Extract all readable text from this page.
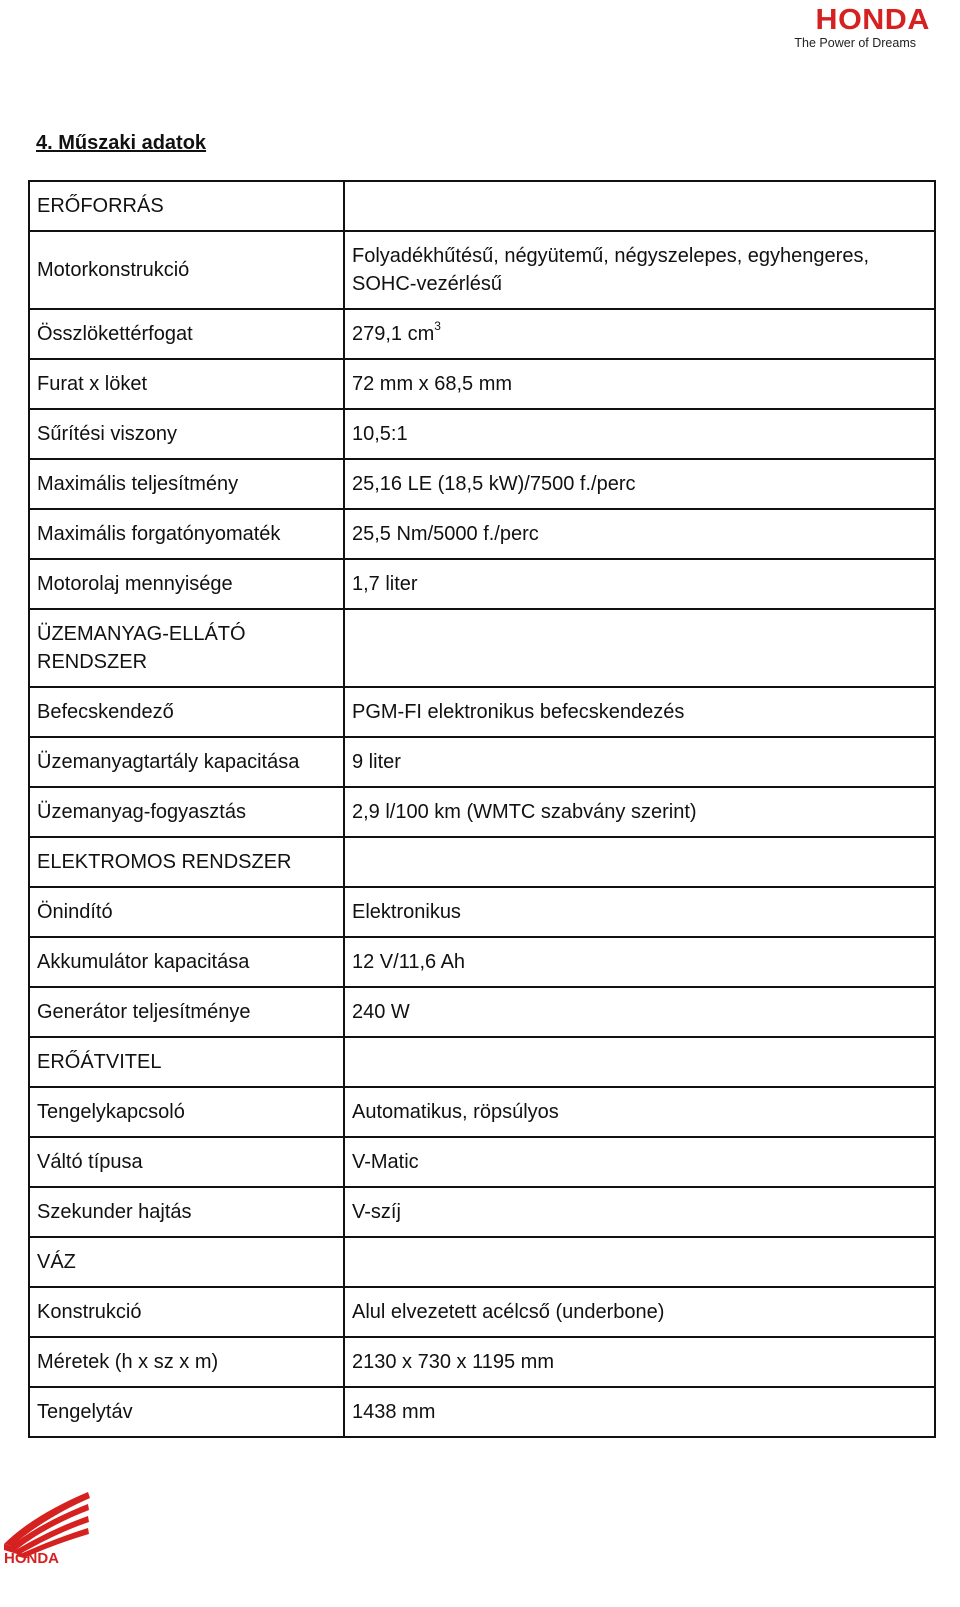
HONDA
The Power of Dreams
4. Műszaki adatok
ERŐFORRÁS	
Motorkonstrukció	Folyadékhűtésű, négyütemű, négyszelepes, egyhengeres, SOHC-vezérlésű
Összlökettérfogat	279,1 $cm^3$
Furat x löket	72 mm x 68,5 mm
Sűrítési viszony	10,5:1
Maximális teljesítmény	25,16 LE (18,5 kW)/7500 f./perc
Maximális forgatónyomaték	25,5 Nm/5000 f./perc
Motorolaj mennyisége	1,7 liter
ÜZEMANYAG-ELLÁTÓ RENDSZER	
Befecskendező	PGM-FI elektronikus befecskendezés
Üzemanyagtartály kapacitása	9 liter
Üzemanyag-fogyasztás	2,9 l/100 km (WMTC szabvány szerint)
ELEKTROMOS RENDSZER	
Önindító	Elektronikus
Akkumulátor kapacitása	12 V/11,6 Ah
Generátor teljesítménye	240 W
ERŐÁTVITEL	
Tengelykapcsoló	Automatikus, röpsúlyos
Váltó típusa	V-Matic
Szekunder hajtás	V-szíj
VÁZ	
Konstrukció	Alul elvezetett acélcső (underbone)
Méretek (h x sz x m)	2130 x 730 x 1195 mm
Tengelytáv	1438 mm
HONDA
